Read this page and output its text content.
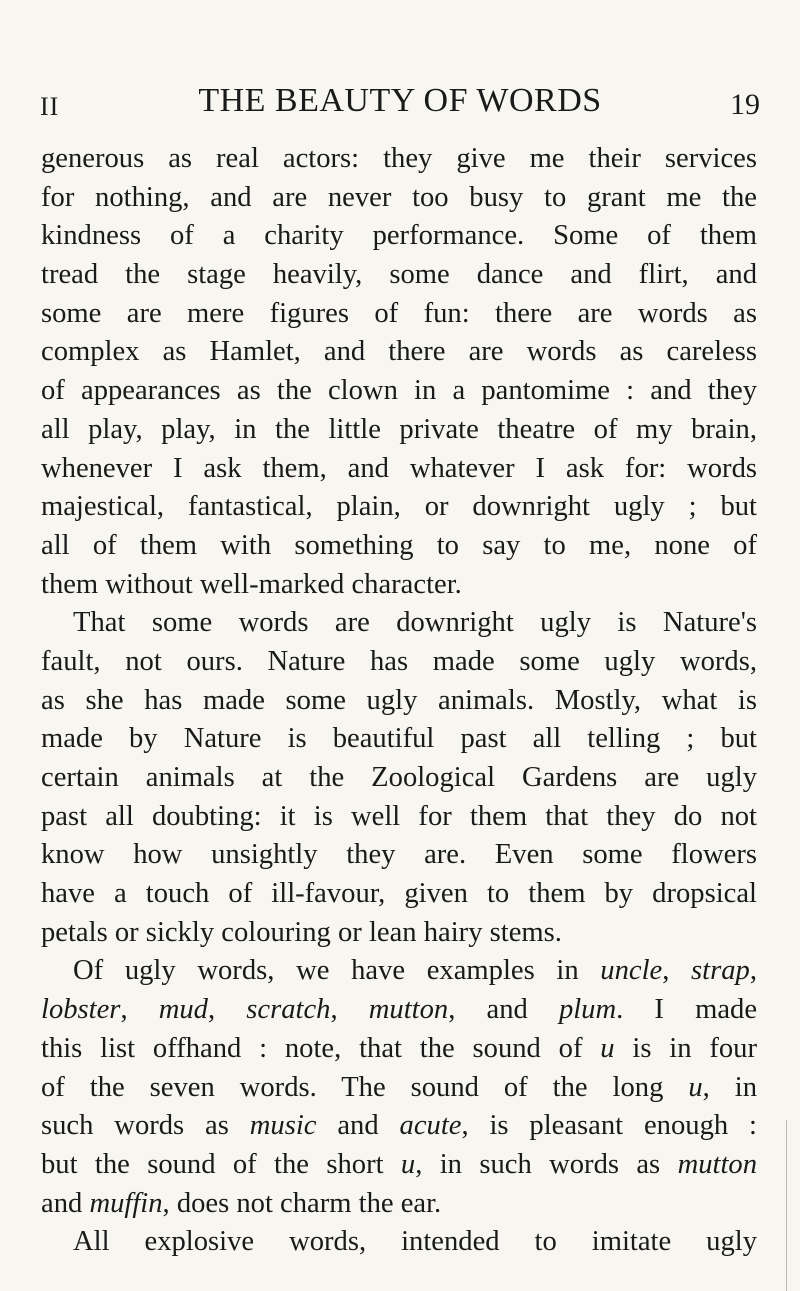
II	THE BEAUTY OF WORDS	19
generous as real actors: they give me their services
for nothing, and are never too busy to grant me the
kindness of a charity performance. Some of them
tread the stage heavily, some dance and flirt, and
some are mere figures of fun: there are words as
complex as Hamlet, and there are words as careless
of appearances as the clown in a pantomime : and they
all play, play, in the little private theatre of my brain,
whenever I ask them, and whatever I ask for: words
majestical, fantastical, plain, or downright ugly ; but
all of them with something to say to me, none of
them without well-marked character.
That some words are downright ugly is Nature's
fault, not ours. Nature has made some ugly words,
as she has made some ugly animals. Mostly, what is
made by Nature is beautiful past all telling ; but
certain animals at the Zoological Gardens are ugly
past all doubting: it is well for them that they do not
know how unsightly they are. Even some flowers
have a touch of ill-favour, given to them by dropsical
petals or sickly colouring or lean hairy stems.
Of ugly words, we have examples in uncle, strap,
lobster, mud, scratch, mutton, and plum. I made
this list offhand : note, that the sound of u is in four
of the seven words. The sound of the long u, in
such words as music and acute, is pleasant enough :
but the sound of the short u, in such words as mutton
and muffin, does not charm the ear.
All explosive words, intended to imitate ugly
